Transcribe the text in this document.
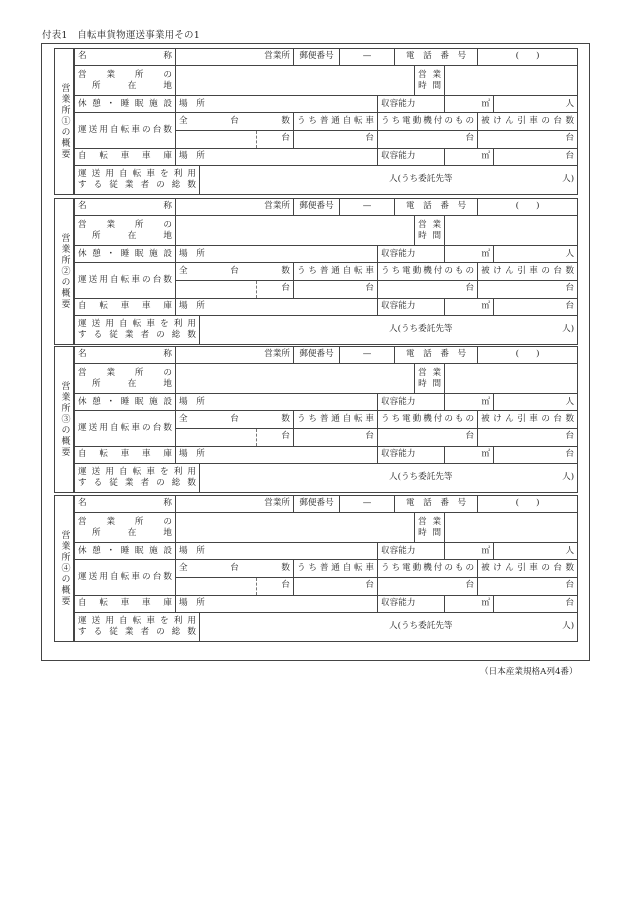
付表1　自転車貨物運送事業用その1
営業所①の概要
名　　称	営業所			郵便番号	—		電　話　番　号			(　　)	

営業所の
所在地								営業
時間			

休憩・睡眠施設	場　所					収容能力			㎡		人
運送用自転車の台数	全　台　数			うち普通自転車		うち電動機付のもの				被けん引車の台数	
			台	台		台				台	
自転車車庫	場　所					収容能力			㎡		台

運送用自転車を利用
する従業者の総数		人(うち委託先等 人)									
営業所②の概要
名　　称	営業所			郵便番号	—		電　話　番　号			(　　)	

営業所の
所在地								営業
時間			

休憩・睡眠施設	場　所					収容能力			㎡		人
運送用自転車の台数	全　台　数			うち普通自転車		うち電動機付のもの				被けん引車の台数	
			台	台		台				台	
自転車車庫	場　所					収容能力			㎡		台

運送用自転車を利用
する従業者の総数		人(うち委託先等 人)									
営業所③の概要
名　　称	営業所			郵便番号	—		電　話　番　号			(　　)	

営業所の
所在地								営業
時間			

休憩・睡眠施設	場　所					収容能力			㎡		人
運送用自転車の台数	全　台　数			うち普通自転車		うち電動機付のもの				被けん引車の台数	
			台	台		台				台	
自転車車庫	場　所					収容能力			㎡		台

運送用自転車を利用
する従業者の総数		人(うち委託先等 人)									
営業所④の概要
名　　称	営業所			郵便番号	—		電　話　番　号			(　　)	

営業所の
所在地								営業
時間			

休憩・睡眠施設	場　所					収容能力			㎡		人
運送用自転車の台数	全　台　数			うち普通自転車		うち電動機付のもの				被けん引車の台数	
			台	台		台				台	
自転車車庫	場　所					収容能力			㎡		台

運送用自転車を利用
する従業者の総数		人(うち委託先等 人)									
（日本産業規格A列4番）
